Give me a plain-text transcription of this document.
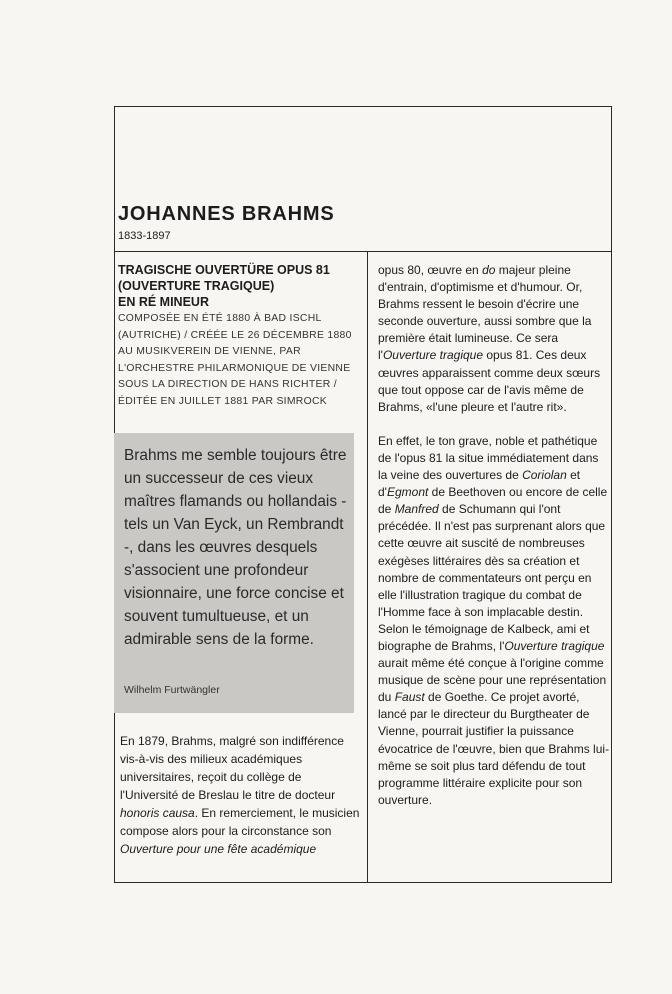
JOHANNES BRAHMS
1833-1897
TRAGISCHE OUVERTÜRE OPUS 81
(OUVERTURE TRAGIQUE)
EN RÉ MINEUR
COMPOSÉE EN ÉTÉ 1880 À BAD ISCHL (AUTRICHE) / CRÉÉE LE 26 DÉCEMBRE 1880 AU MUSIKVEREIN DE VIENNE, PAR L'ORCHESTRE PHILARMONIQUE DE VIENNE SOUS LA DIRECTION DE HANS RICHTER / ÉDITÉE EN JUILLET 1881 PAR SIMROCK

Brahms me semble toujours être un successeur de ces vieux maîtres flamands ou hollandais - tels un Van Eyck, un Rembrandt -, dans les œuvres desquels s'associent une profondeur visionnaire, une force concise et souvent tumultueuse, et un admirable sens de la forme.

Wilhelm Furtwängler

En 1879, Brahms, malgré son indifférence vis-à-vis des milieux académiques universitaires, reçoit du collège de l'Université de Breslau le titre de docteur honoris causa. En remerciement, le musicien compose alors pour la circonstance son Ouverture pour une fête académique

opus 80, œuvre en do majeur pleine d'entrain, d'optimisme et d'humour. Or, Brahms ressent le besoin d'écrire une seconde ouverture, aussi sombre que la première était lumineuse. Ce sera l'Ouverture tragique opus 81. Ces deux œuvres apparaissent comme deux sœurs que tout oppose car de l'avis même de Brahms, «l'une pleure et l'autre rit».

En effet, le ton grave, noble et pathétique de l'opus 81 la situe immédiatement dans la veine des ouvertures de Coriolan et d'Egmont de Beethoven ou encore de celle de Manfred de Schumann qui l'ont précédée. Il n'est pas surprenant alors que cette œuvre ait suscité de nombreuses exégèses littéraires dès sa création et nombre de commentateurs ont perçu en elle l'illustration tragique du combat de l'Homme face à son implacable destin. Selon le témoignage de Kalbeck, ami et biographe de Brahms, l'Ouverture tragique aurait même été conçue à l'origine comme musique de scène pour une représentation du Faust de Goethe. Ce projet avorté, lancé par le directeur du Burgtheater de Vienne, pourrait justifier la puissance évocatrice de l'œuvre, bien que Brahms lui-même se soit plus tard défendu de tout programme littéraire explicite pour son ouverture.
